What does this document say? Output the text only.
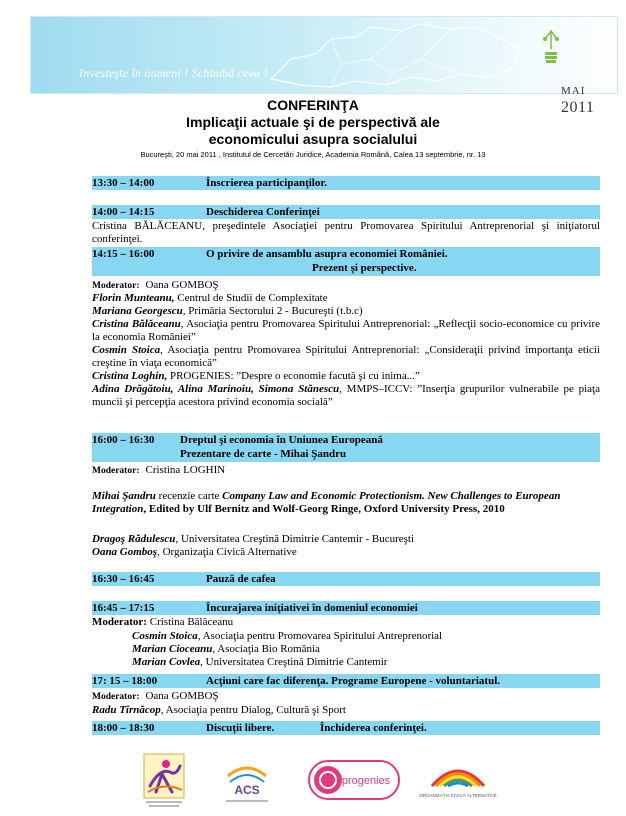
Investeşte în oameni ! Schimbă ceva !
MAI 2011
CONFERINŢA
Implicaţii actuale şi de perspectivă ale
economicului asupra socialului
Bucureşti, 20 mai 2011 , Institutul de Cercetări Juridice, Academia Română, Calea 13 septembrie, nr. 13
13:30 – 14:00	Înscrierea participanţilor.
14:00 – 14:15	Deschiderea Conferinţei
Cristina BĂLĂCEANU, preşedintele Asociaţiei pentru Promovarea Spiritului Antreprenorial şi iniţiatorul conferinţei.
14:15 – 16:00	O privire de ansamblu asupra economiei României.
Prezent şi perspective.
Moderator: Oana GOMBOŞ
Florin Munteanu, Centrul de Studii de Complexitate
Mariana Georgescu, Primăria Sectorului 2 - Bucureşti (t.b.c)
Cristina Bălăceanu, Asociaţia pentru Promovarea Spiritului Antreprenorial: „Reflecţii socio-economice cu privire la economia României”
Cosmin Stoica, Asociaţia pentru Promovarea Spiritului Antreprenorial: „Consideraţii privind importanţa eticii creştine în viaţa economică”
Cristina Loghin, PROGENIES: ”Despre o economie facută şi cu inima...”
Adina Drăgătoiu, Alina Marinoiu, Simona Stănescu, MMPS–ICCV: ”Inserţia grupurilor vulnerabile pe piaţa muncii şi percepţia acestora privind economia socială”
16:00 – 16:30 Dreptul şi economia în Uniunea Europeană
Prezentare de carte - Mihai Şandru
Moderator: Cristina LOGHIN
Mihai Şandru recenzie carte Company Law and Economic Protectionism. New Challenges to European Integration, Edited by Ulf Bernitz and Wolf-Georg Ringe, Oxford University Press, 2010
Dragoş Rădulescu, Universitatea Creştină Dimitrie Cantemir - Bucureşti
Oana Gomboş, Organizaţia Civică Alternative
16:30 – 16:45	Pauză de cafea
16:45 – 17:15	Încurajarea iniţiativei în domeniul economiei
Moderator: Cristina Bălăceanu
Cosmin Stoica, Asociaţia pentru Promovarea Spiritului Antreprenorial
Marian Cioceanu, Asociaţia Bio România
Marian Covlea, Universitatea Creştină Dimitrie Cantemir
17: 15 – 18:00	Acţiuni care fac diferenţa. Programe Europene - voluntariatul.
Moderator: Oana GOMBOŞ
Radu Tîrnăcop, Asociaţia pentru Dialog, Cultură şi Sport
18:00 – 18:30	Discuţii libere.	Închiderea conferinţei.
ACS
progenies
ORGANIZAŢIA CIVICĂ ALTERNATIVE
